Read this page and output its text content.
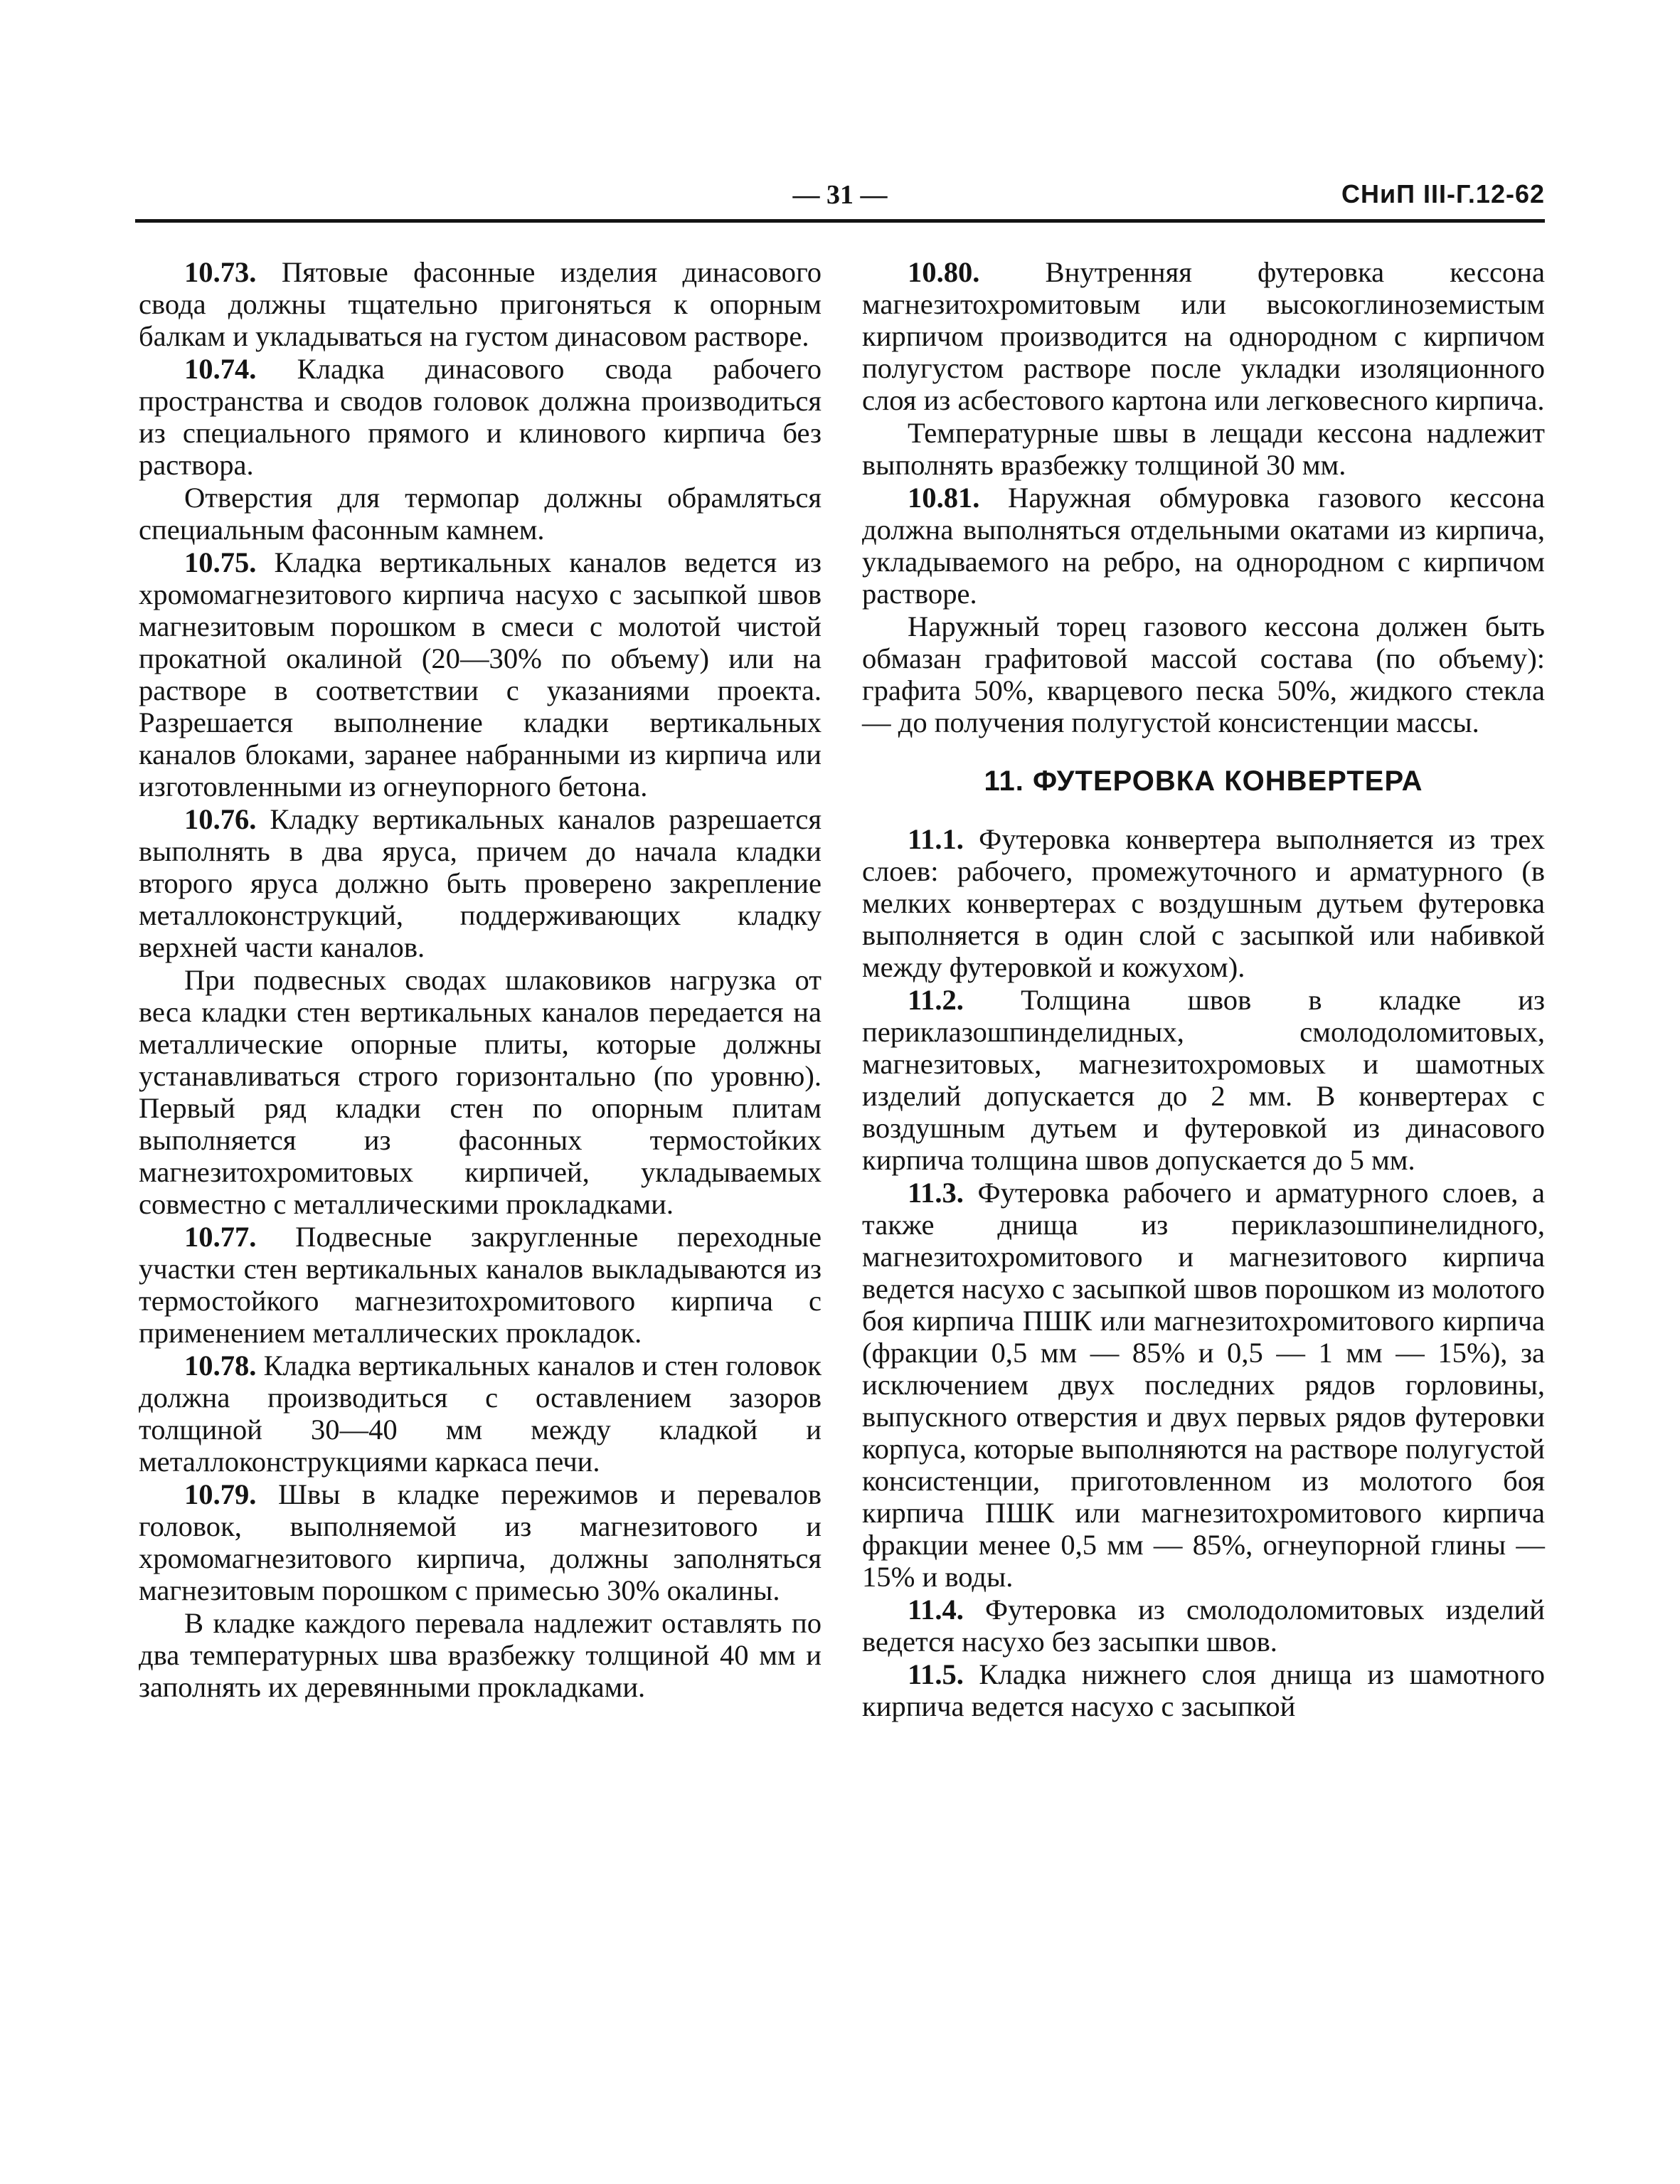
— 31 —	СНиП III-Г.12-62

10.73. Пятовые фасонные изделия динасового свода должны тщательно пригоняться к опорным балкам и укладываться на густом динасовом растворе.

10.74. Кладка динасового свода рабочего пространства и сводов головок должна производиться из специального прямого и клинового кирпича без раствора.

Отверстия для термопар должны обрамляться специальным фасонным камнем.

10.75. Кладка вертикальных каналов ведется из хромомагнезитового кирпича насухо с засыпкой швов магнезитовым порошком в смеси с молотой чистой прокатной окалиной (20—30% по объему) или на растворе в соответствии с указаниями проекта. Разрешается выполнение кладки вертикальных каналов блоками, заранее набранными из кирпича или изготовленными из огнеупорного бетона.

10.76. Кладку вертикальных каналов разрешается выполнять в два яруса, причем до начала кладки второго яруса должно быть проверено закрепление металлоконструкций, поддерживающих кладку верхней части каналов.

При подвесных сводах шлаковиков нагрузка от веса кладки стен вертикальных каналов передается на металлические опорные плиты, которые должны устанавливаться строго горизонтально (по уровню). Первый ряд кладки стен по опорным плитам выполняется из фасонных термостойких магнезитохромитовых кирпичей, укладываемых совместно с металлическими прокладками.

10.77. Подвесные закругленные переходные участки стен вертикальных каналов выкладываются из термостойкого магнезитохромитового кирпича с применением металлических прокладок.

10.78. Кладка вертикальных каналов и стен головок должна производиться с оставлением зазоров толщиной 30—40 мм между кладкой и металлоконструкциями каркаса печи.

10.79. Швы в кладке пережимов и перевалов головок, выполняемой из магнезитового и хромомагнезитового кирпича, должны заполняться магнезитовым порошком с примесью 30% окалины.

В кладке каждого перевала надлежит оставлять по два температурных шва вразбежку толщиной 40 мм и заполнять их деревянными прокладками.

10.80. Внутренняя футеровка кессона магнезитохромитовым или высокоглиноземистым кирпичом производится на однородном с кирпичом полугустом растворе после укладки изоляционного слоя из асбестового картона или легковесного кирпича.

Температурные швы в лещади кессона надлежит выполнять вразбежку толщиной 30 мм.

10.81. Наружная обмуровка газового кессона должна выполняться отдельными окатами из кирпича, укладываемого на ребро, на однородном с кирпичом растворе.

Наружный торец газового кессона должен быть обмазан графитовой массой состава (по объему): графита 50%, кварцевого песка 50%, жидкого стекла — до получения полугустой консистенции массы.

11. ФУТЕРОВКА КОНВЕРТЕРА

11.1. Футеровка конвертера выполняется из трех слоев: рабочего, промежуточного и арматурного (в мелких конвертерах с воздушным дутьем футеровка выполняется в один слой с засыпкой или набивкой между футеровкой и кожухом).

11.2. Толщина швов в кладке из периклазошпинделидных, смолодоломитовых, магнезитовых, магнезитохромовых и шамотных изделий допускается до 2 мм. В конвертерах с воздушным дутьем и футеровкой из динасового кирпича толщина швов допускается до 5 мм.

11.3. Футеровка рабочего и арматурного слоев, а также днища из периклазошпинелидного, магнезитохромитового и магнезитового кирпича ведется насухо с засыпкой швов порошком из молотого боя кирпича ПШК или магнезитохромитового кирпича (фракции 0,5 мм — 85% и 0,5 — 1 мм — 15%), за исключением двух последних рядов горловины, выпускного отверстия и двух первых рядов футеровки корпуса, которые выполняются на растворе полугустой консистенции, приготовленном из молотого боя кирпича ПШК или магнезитохромитового кирпича фракции менее 0,5 мм — 85%, огнеупорной глины — 15% и воды.

11.4. Футеровка из смолодоломитовых изделий ведется насухо без засыпки швов.

11.5. Кладка нижнего слоя днища из шамотного кирпича ведется насухо с засыпкой
